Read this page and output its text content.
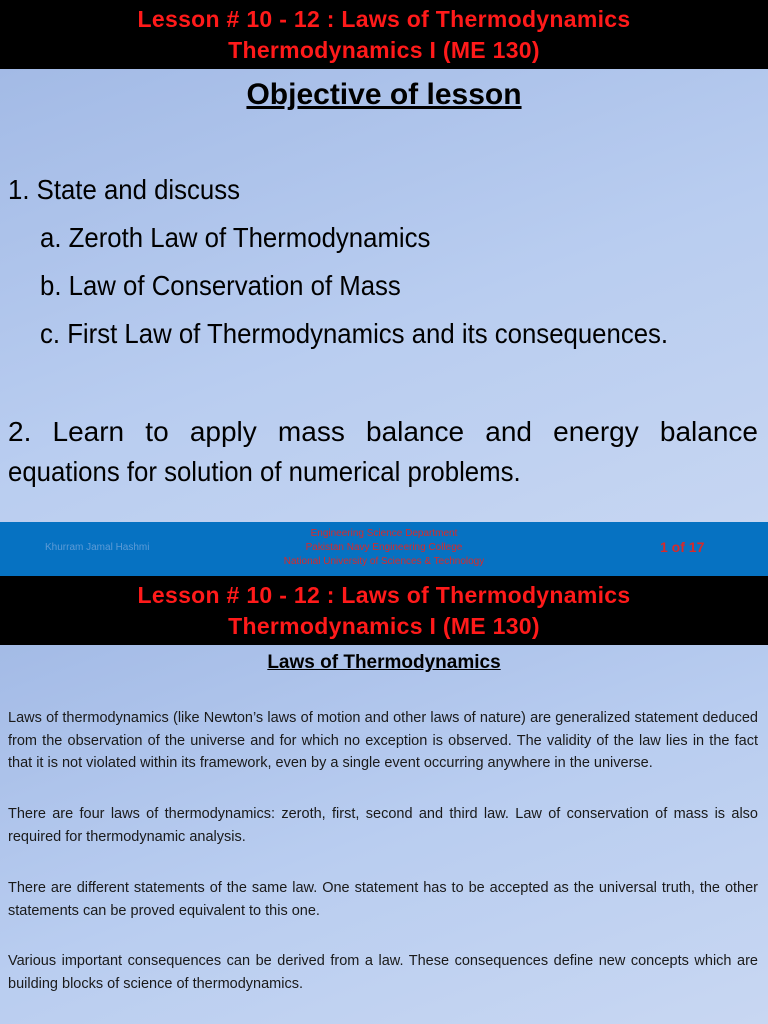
Lesson # 10 - 12 : Laws of Thermodynamics
Thermodynamics I (ME 130)
Objective of lesson
1. State and discuss
a. Zeroth Law of Thermodynamics
b. Law of Conservation of Mass
c. First Law of Thermodynamics and its consequences.
2. Learn to apply mass balance and energy balance
equations for solution of numerical problems.
Khurram Jamal Hashmi
Engineering Science Department
Pakistan Navy Engineering College
National University of Sciences & Technology
1 of 17
Lesson # 10 - 12 : Laws of Thermodynamics
Thermodynamics I (ME 130)
Laws of Thermodynamics
Laws of thermodynamics (like Newton’s laws of motion and other laws of nature) are generalized statement deduced from the observation of the universe and for which no exception is observed. The validity of the law lies in the fact that it is not violated within its framework, even by a single event occurring anywhere in the universe.
There are four laws of thermodynamics: zeroth, first, second and third law. Law of conservation of mass is also required for thermodynamic analysis.
There are different statements of the same law. One statement has to be accepted as the universal truth, the other statements can be proved equivalent to this one.
Various important consequences can be derived from a law. These consequences define new concepts which are building blocks of science of thermodynamics.
